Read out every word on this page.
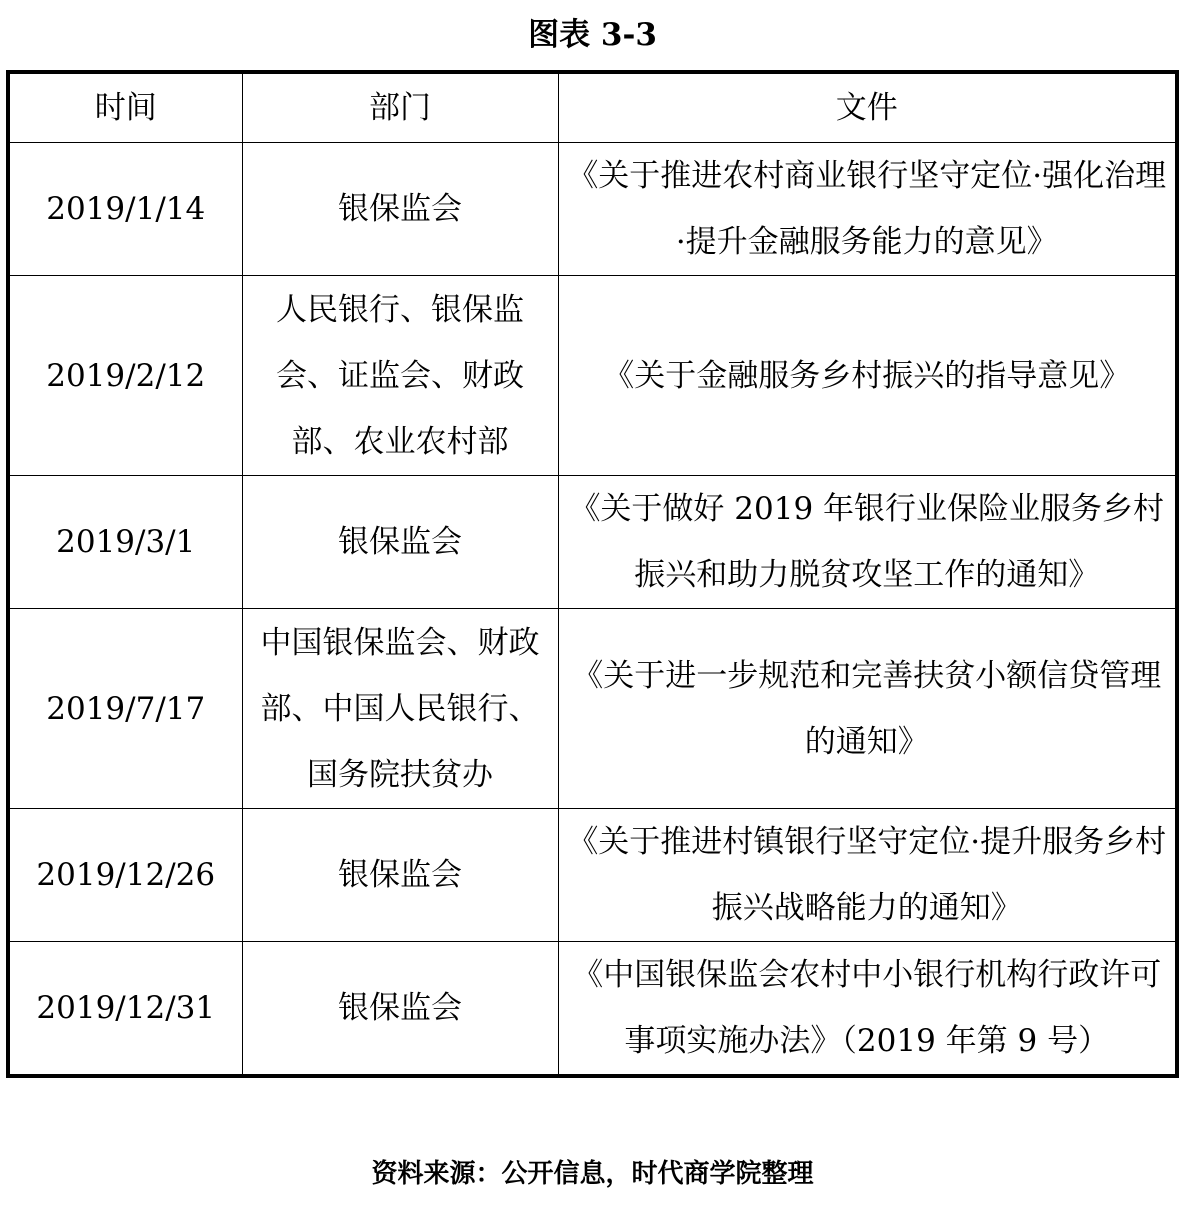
图表 3-3
时间	部门	文件
2019/1/14	银保监会	《关于推进农村商业银行坚守定位·强化治理·提升金融服务能力的意见》
2019/2/12	人民银行、银保监会、证监会、财政部、农业农村部	《关于金融服务乡村振兴的指导意见》
2019/3/1	银保监会	《关于做好 2019 年银行业保险业服务乡村振兴和助力脱贫攻坚工作的通知》
2019/7/17	中国银保监会、财政部、中国人民银行、国务院扶贫办	《关于进一步规范和完善扶贫小额信贷管理的通知》
2019/12/26	银保监会	《关于推进村镇银行坚守定位·提升服务乡村振兴战略能力的通知》
2019/12/31	银保监会	《中国银保监会农村中小银行机构行政许可事项实施办法》（2019 年第 9 号）
资料来源：公开信息，时代商学院整理
